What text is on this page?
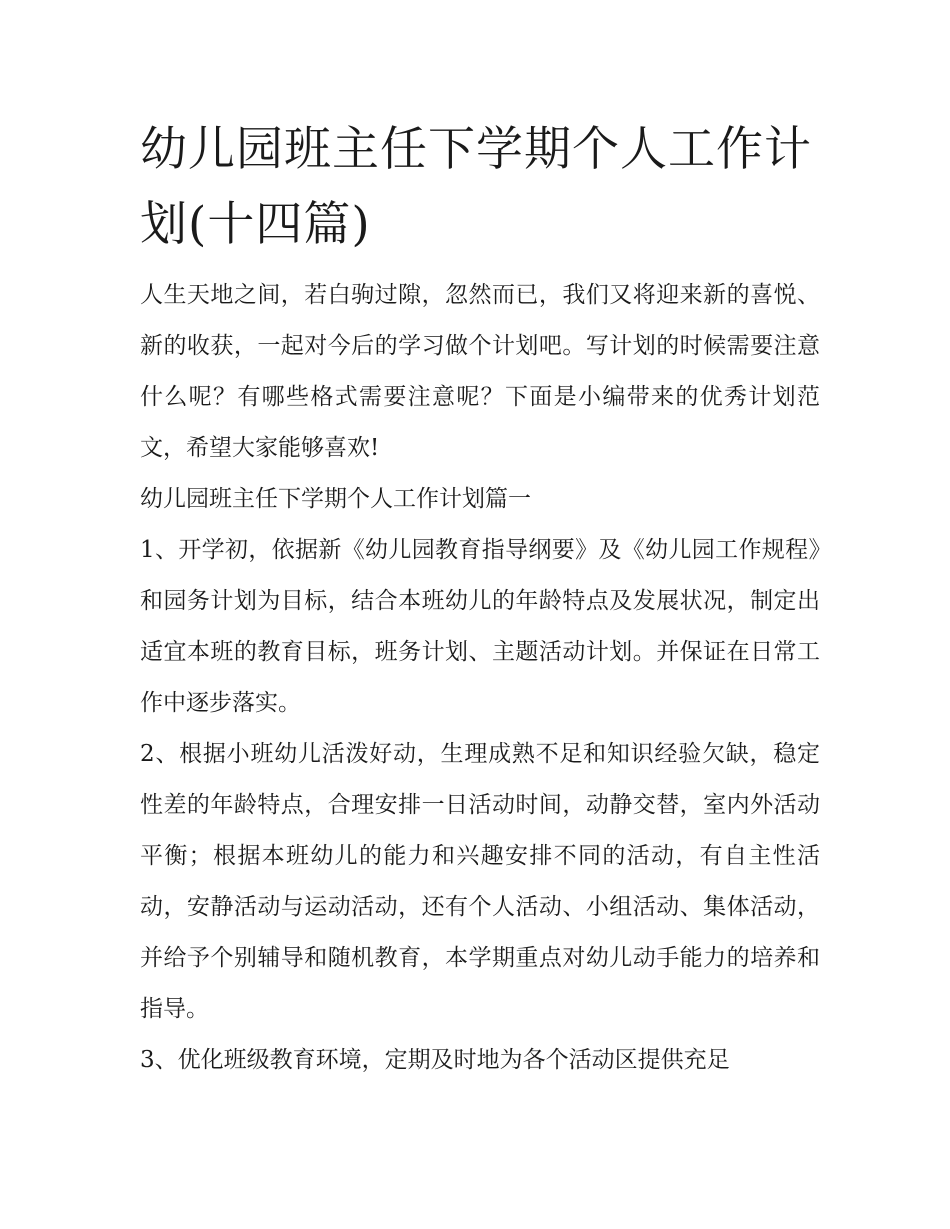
幼儿园班主任下学期个人工作计划(十四篇)

人生天地之间，若白驹过隙，忽然而已，我们又将迎来新的喜悦、新的收获，一起对今后的学习做个计划吧。写计划的时候需要注意什么呢？有哪些格式需要注意呢？下面是小编带来的优秀计划范文，希望大家能够喜欢!

幼儿园班主任下学期个人工作计划篇一

1、开学初，依据新《幼儿园教育指导纲要》及《幼儿园工作规程》和园务计划为目标，结合本班幼儿的年龄特点及发展状况，制定出适宜本班的教育目标，班务计划、主题活动计划。并保证在日常工作中逐步落实。

2、根据小班幼儿活泼好动，生理成熟不足和知识经验欠缺，稳定性差的年龄特点，合理安排一日活动时间，动静交替，室内外活动平衡；根据本班幼儿的能力和兴趣安排不同的活动，有自主性活动，安静活动与运动活动，还有个人活动、小组活动、集体活动，并给予个别辅导和随机教育，本学期重点对幼儿动手能力的培养和指导。

3、优化班级教育环境，定期及时地为各个活动区提供充足
